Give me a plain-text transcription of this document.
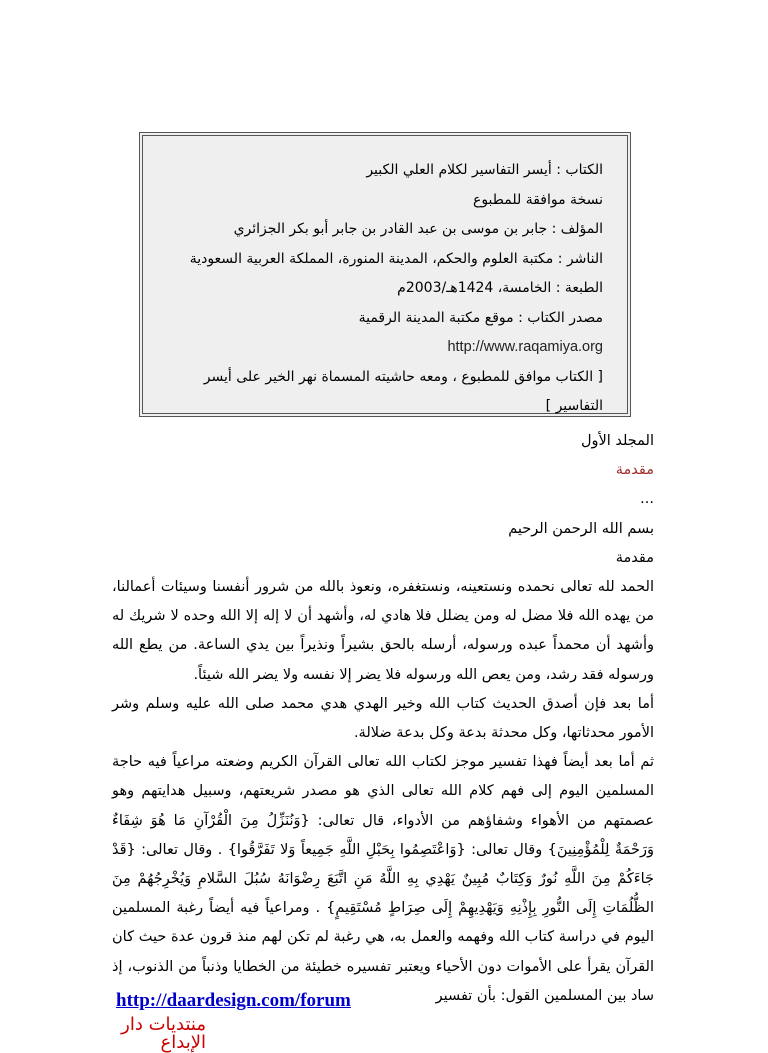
الكتاب : أيسر التفاسير لكلام العلي الكبير
نسخة موافقة للمطبوع
المؤلف : جابر بن موسى بن عبد القادر بن جابر أبو بكر الجزائري
الناشر : مكتبة العلوم والحكم، المدينة المنورة، المملكة العربية السعودية
الطبعة : الخامسة، 1424هـ/2003م
مصدر الكتاب : موقع مكتبة المدينة الرقمية
http://www.raqamiya.org
[ الكتاب موافق للمطبوع ، ومعه حاشيته المسماة نهر الخير على أيسر التفاسير ]

المجلد الأول

مقدمة

...

بسم الله الرحمن الرحيم

مقدمة

الحمد لله تعالى نحمده ونستعينه، ونستغفره، ونعوذ بالله من شرور أنفسنا وسيئات أعمالنا، من يهده الله فلا مضل له ومن يضلل فلا هادي له، وأشهد أن لا إله إلا الله وحده لا شريك له وأشهد أن محمداً عبده ورسوله، أرسله بالحق بشيراً ونذيراً بين يدي الساعة. من يطع الله ورسوله فقد رشد، ومن يعص الله ورسوله فلا يضر إلا نفسه ولا يضر الله شيئاً.

أما بعد فإن أصدق الحديث كتاب الله وخير الهدي هدي محمد صلى الله عليه وسلم وشر الأمور محدثاتها، وكل محدثة بدعة وكل بدعة ضلالة.

ثم أما بعد أيضاً فهذا تفسير موجز لكتاب الله تعالى القرآن الكريم وضعته مراعياً فيه حاجة المسلمين اليوم إلى فهم كلام الله تعالى الذي هو مصدر شريعتهم، وسبيل هدايتهم وهو عصمتهم من الأهواء وشفاؤهم من الأدواء، قال تعالى: {وَنُنَزِّلُ مِنَ الْقُرْآنِ مَا هُوَ شِفَاءٌ وَرَحْمَةٌ لِلْمُؤْمِنِينَ} وقال تعالى: {وَاعْتَصِمُوا بِحَبْلِ اللَّهِ جَمِيعاً وَلا تَفَرَّقُوا} . وقال تعالى: {قَدْ جَاءَكُمْ مِنَ اللَّهِ نُورٌ وَكِتَابٌ مُبِينٌ يَهْدِي بِهِ اللَّهُ مَنِ اتَّبَعَ رِضْوَانَهُ سُبُلَ السَّلامِ وَيُخْرِجُهُمْ مِنَ الظُّلُمَاتِ إِلَى النُّورِ بِإِذْنِهِ وَيَهْدِيهِمْ إِلَى صِرَاطٍ مُسْتَقِيمٍ} . ومراعياً فيه أيضاً رغبة المسلمين اليوم في دراسة كتاب الله وفهمه والعمل به، هي رغبة لم تكن لهم منذ قرون عدة حيث كان القرآن يقرأ على الأموات دون الأحياء ويعتبر تفسيره خطيئة من الخطايا وذنباً من الذنوب، إذ ساد بين المسلمين القول: بأن تفسير

http://daardesign.com/forum
منتديات دار الإبداع
